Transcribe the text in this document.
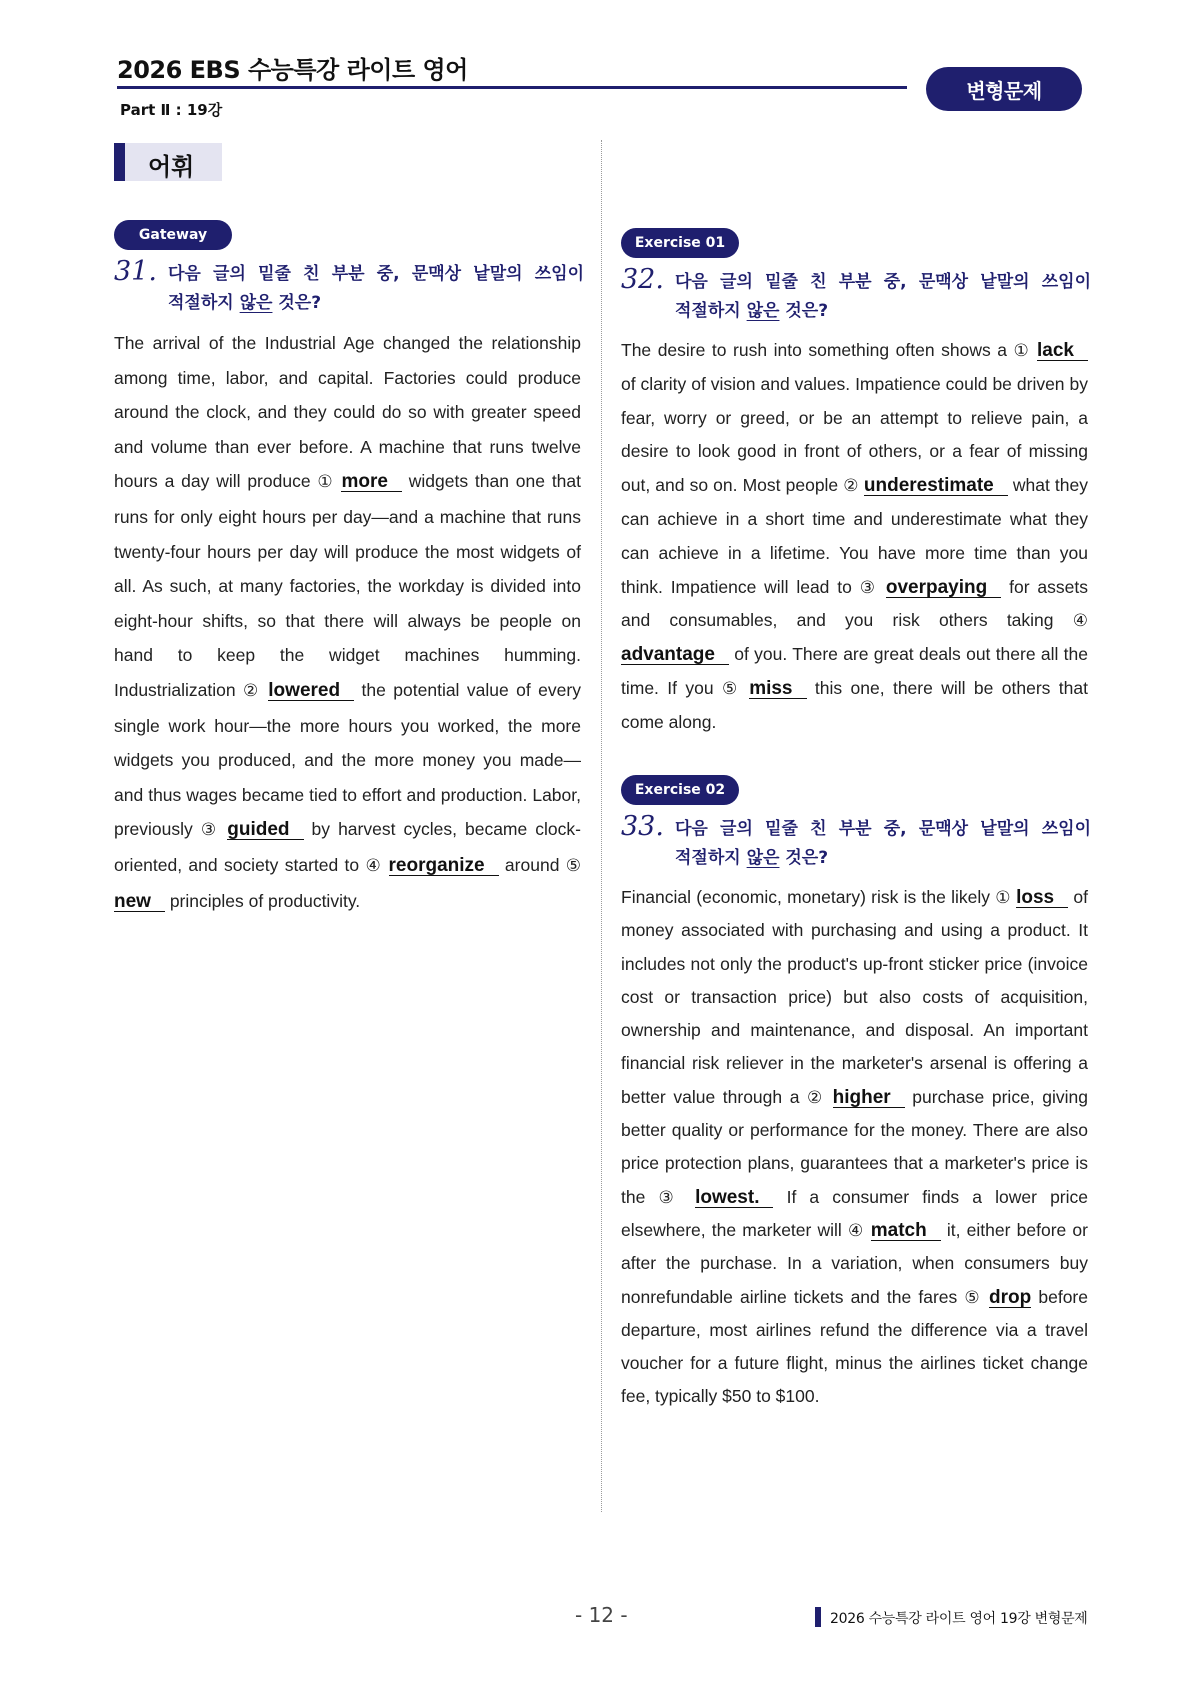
2026 EBS 수능특강 라이트 영어
Part Ⅱ : 19강
변형문제
어휘
Gateway
31. 다음 글의 밑줄 친 부분 중, 문맥상 낱말의 쓰임이
적절하지 않은 것은?

The arrival of the Industrial Age changed the relationship among time, labor, and capital. Factories could produce around the clock, and they could do so with greater speed and volume than ever before. A machine that runs twelve hours a day will produce ① more widgets than one that runs for only eight hours per day—and a machine that runs twenty-four hours per day will produce the most widgets of all. As such, at many factories, the workday is divided into eight-hour shifts, so that there will always be people on hand to keep the widget machines humming. Industrialization ② lowered the potential value of every single work hour—the more hours you worked, the more widgets you produced, and the more money you made—and thus wages became tied to effort and production. Labor, previously ③ guided by harvest cycles, became clock-oriented, and society started to ④ reorganize around ⑤ new principles of productivity.

Exercise 01
32. 다음 글의 밑줄 친 부분 중, 문맥상 낱말의 쓰임이
적절하지 않은 것은?

The desire to rush into something often shows a ① lack of clarity of vision and values. Impatience could be driven by fear, worry or greed, or be an attempt to relieve pain, a desire to look good in front of others, or a fear of missing out, and so on. Most people ② underestimate what they can achieve in a short time and underestimate what they can achieve in a lifetime. You have more time than you think. Impatience will lead to ③ overpaying for assets and consumables, and you risk others taking ④ advantage of you. There are great deals out there all the time. If you ⑤ miss this one, there will be others that come along.

Exercise 02
33. 다음 글의 밑줄 친 부분 중, 문맥상 낱말의 쓰임이
적절하지 않은 것은?

Financial (economic, monetary) risk is the likely ① loss of money associated with purchasing and using a product. It includes not only the product's up-front sticker price (invoice cost or transaction price) but also costs of acquisition, ownership and maintenance, and disposal. An important financial risk reliever in the marketer's arsenal is offering a better value through a ② higher purchase price, giving better quality or performance for the money. There are also price protection plans, guarantees that a marketer's price is the ③ lowest. If a consumer finds a lower price elsewhere, the marketer will ④ match it, either before or after the purchase. In a variation, when consumers buy nonrefundable airline tickets and the fares ⑤ drop before departure, most airlines refund the difference via a travel voucher for a future flight, minus the airlines ticket change fee, typically $50 to $100.

- 12 -	2026 수능특강 라이트 영어 19강 변형문제
